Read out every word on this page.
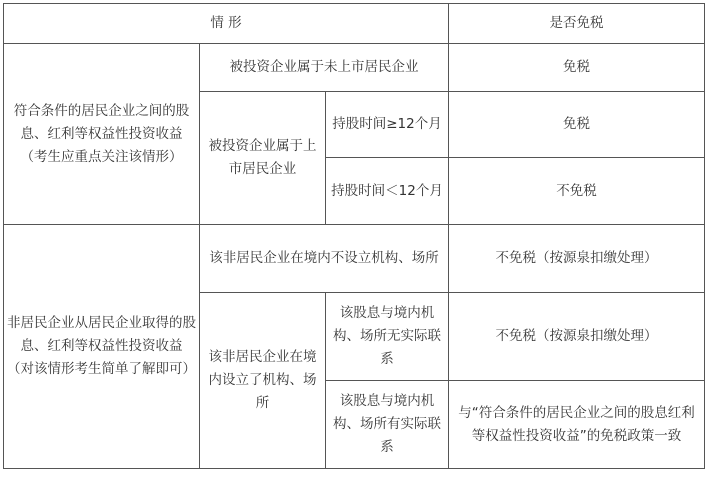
情 形			是否免税

符合条件的居民企业之间的股息、红利等权益性投资收益
（考生应重点关注该情形）	被投资企业属于未上市居民企业		免税
	被投资企业属于上市居民企业	持股时间≥12个月	免税
		持股时间＜12个月	不免税

非居民企业从居民企业取得的股息、红利等权益性投资收益
（对该情形考生简单了解即可）	该非居民企业在境内不设立机构、场所		不免税（按源泉扣缴处理）
	该非居民企业在境内设立了机构、场所	该股息与境内机构、场所无实际联系	不免税（按源泉扣缴处理）
		该股息与境内机构、场所有实际联系	与“符合条件的居民企业之间的股息红利等权益性投资收益”的免税政策一致
